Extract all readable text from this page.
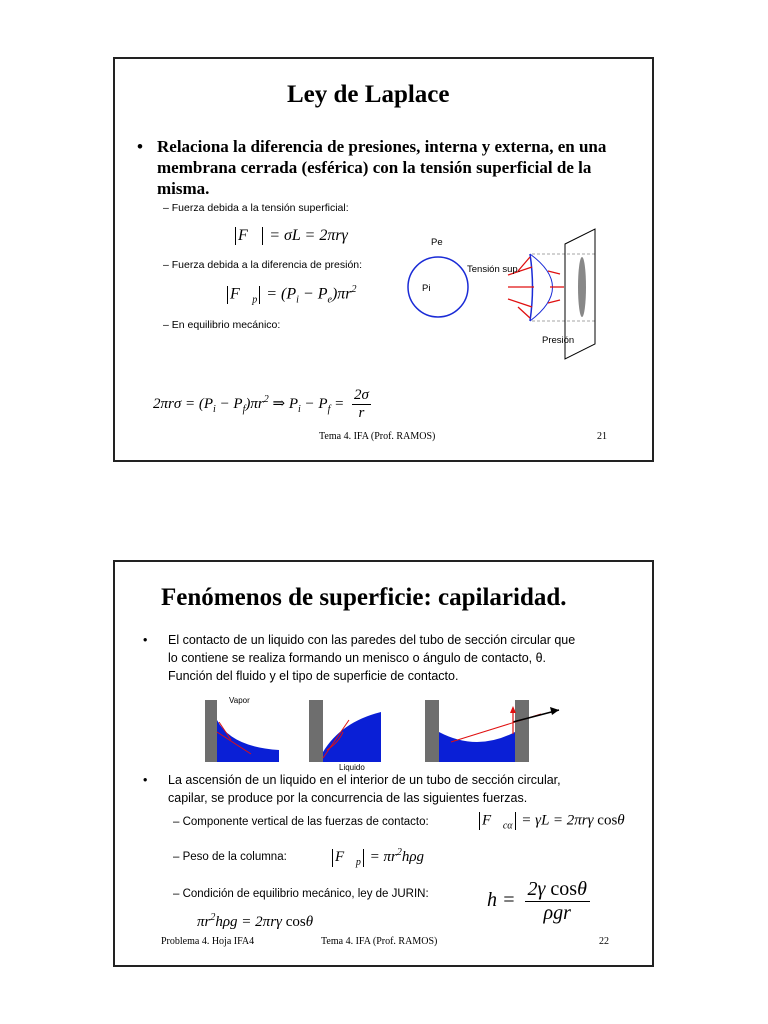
Ley de Laplace
• Relaciona la diferencia de presiones, interna y externa, en una
membrana cerrada (esférica) con la tensión superficial de la
misma.
– Fuerza debida a la tensión superficial:
F⃗ = σL = 2πrγ
– Fuerza debida a la diferencia de presión:
$F⃗_p = (P_i - P_e)\pi r^2$
– En equilibrio mecánico:
$2\pi r\sigma = (P_i - P_f)\pi r^2$ ⇒ $P_i - P_f = \frac{2\sigma}{r}$
Pe
Pi
Tensión sup.
Presión
Tema 4. IFA (Prof. RAMOS)	21
Fenómenos de superficie: capilaridad.
• El contacto de un liquido con las paredes del tubo de sección circular que
lo contiene se realiza formando un menisco o ángulo de contacto, θ.
Función del fluido y el tipo de superficie de contacto.
Vapor
Liquido
• La ascensión de un liquido en el interior de un tubo de sección circular,
capilar, se produce por la concurrencia de las siguientes fuerzas.
– Componente vertical de las fuerzas de contacto:	$F⃗_{c\alpha} = \gamma L = 2\pi r\gamma$ cosθ
– Peso de la columna:	$F⃗_p = \pi r^2h\rho g$
– Condición de equilibrio mecánico, ley de JURIN:	h =
2γ cosθ
ρgr
$\pi r^2h\rho g = 2\pi r\gamma$ cosθ
Problema 4. Hoja IFA4	Tema 4. IFA (Prof. RAMOS)	22
